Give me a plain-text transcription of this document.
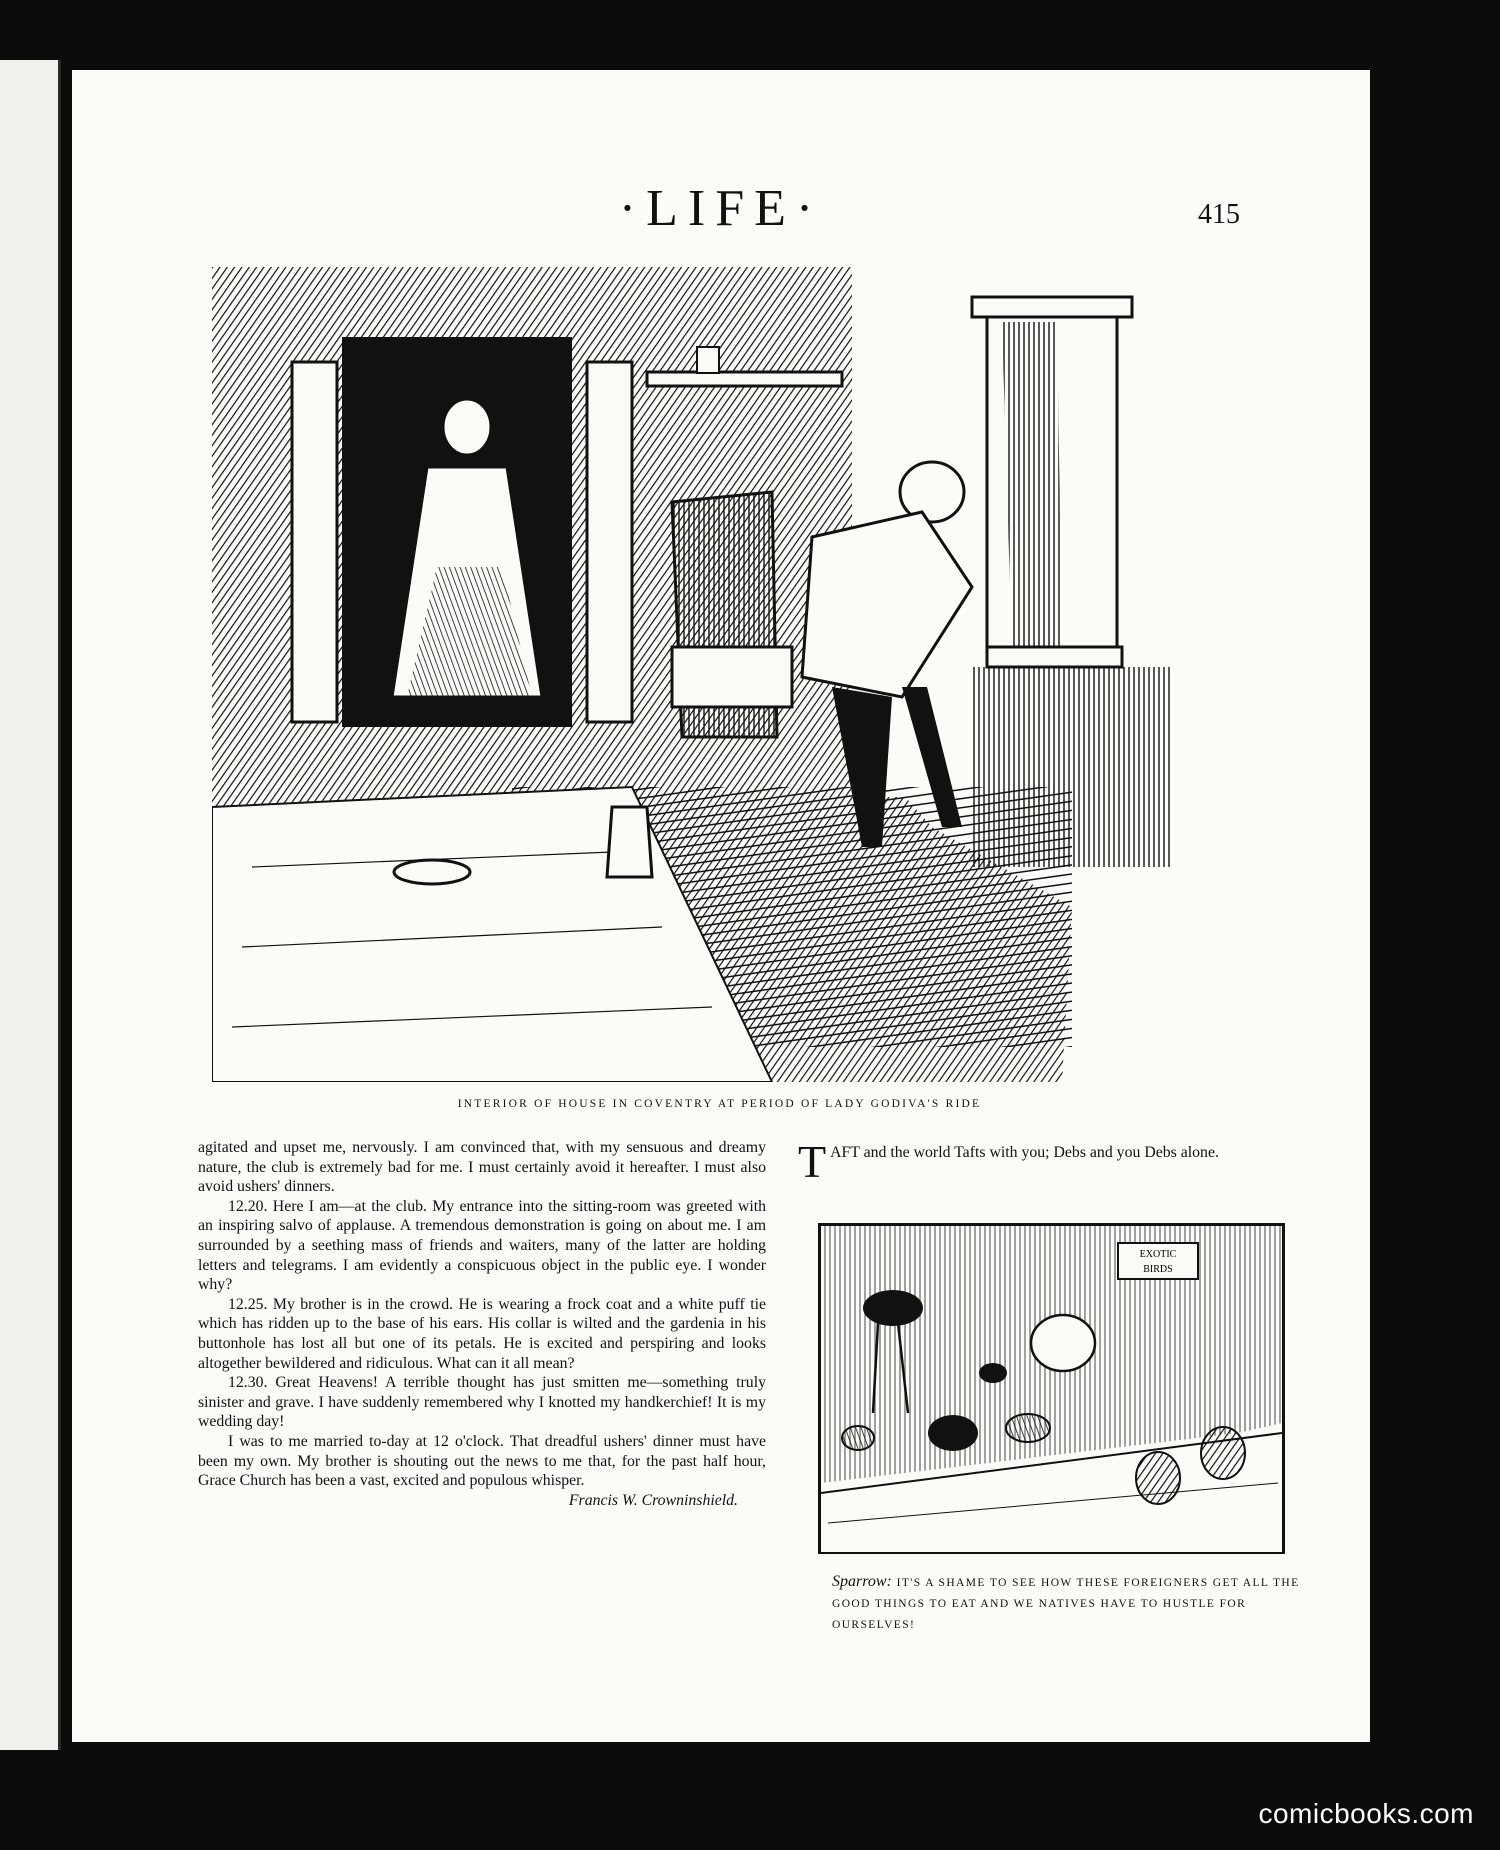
·LIFE·	415
INTERIOR OF HOUSE IN COVENTRY AT PERIOD OF LADY GODIVA'S RIDE

agitated and upset me, nervously. I am convinced that, with my sensuous and dreamy nature, the club is extremely bad for me. I must certainly avoid it hereafter. I must also avoid ushers' dinners.

12.20. Here I am—at the club. My entrance into the sitting-room was greeted with an inspiring salvo of applause. A tremendous demonstration is going on about me. I am surrounded by a seething mass of friends and waiters, many of the latter are holding letters and telegrams. I am evidently a conspicuous object in the public eye. I wonder why?

12.25. My brother is in the crowd. He is wearing a frock coat and a white puff tie which has ridden up to the base of his ears. His collar is wilted and the gardenia in his buttonhole has lost all but one of its petals. He is excited and perspiring and looks altogether bewildered and ridiculous. What can it all mean?

12.30. Great Heavens! A terrible thought has just smitten me—something truly sinister and grave. I have suddenly remembered why I knotted my handkerchief! It is my wedding day!

I was to me married to-day at 12 o'clock. That dreadful ushers' dinner must have been my own. My brother is shouting out the news to me that, for the past half hour, Grace Church has been a vast, excited and populous whisper.

Francis W. Crowninshield.

TAFT and the world Tafts with you; Debs and you Debs alone.
EXOTIC
BIRDS
Sparrow: IT'S A SHAME TO SEE HOW THESE FOREIGNERS GET ALL THE GOOD THINGS TO EAT AND WE NATIVES HAVE TO HUSTLE FOR OURSELVES!
comicbooks.com
